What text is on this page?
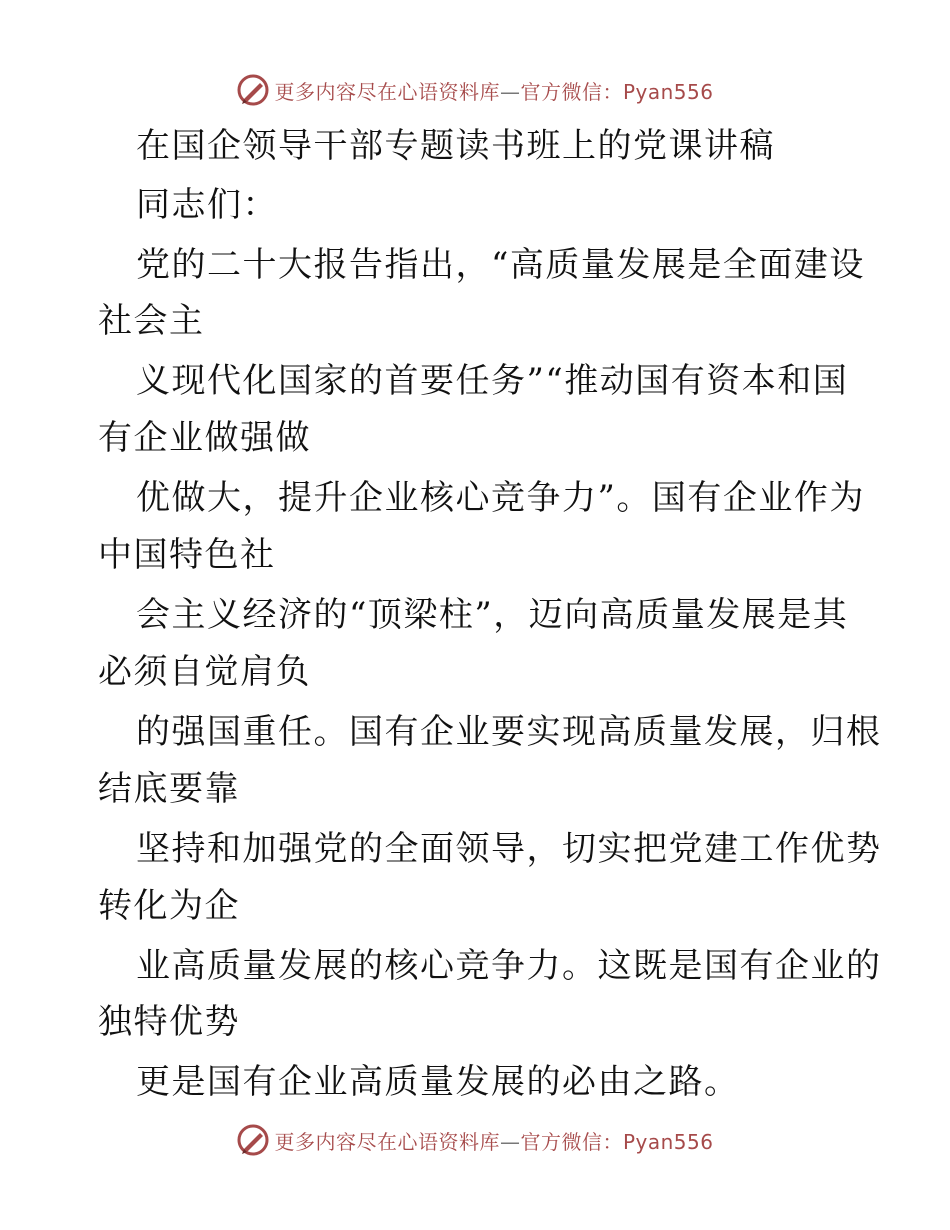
更多内容尽在心语资料库—官方微信：Pyan556
在国企领导干部专题读书班上的党课讲稿
同志们：
党的二十大报告指出，“高质量发展是全面建设
社会主
义现代化国家的首要任务”“推动国有资本和国
有企业做强做
优做大，提升企业核心竞争力”。国有企业作为
中国特色社
会主义经济的“顶梁柱”，迈向高质量发展是其
必须自觉肩负
的强国重任。国有企业要实现高质量发展，归根
结底要靠
坚持和加强党的全面领导，切实把党建工作优势
转化为企
业高质量发展的核心竞争力。这既是国有企业的
独特优势
更是国有企业高质量发展的必由之路。
更多内容尽在心语资料库—官方微信：Pyan556
